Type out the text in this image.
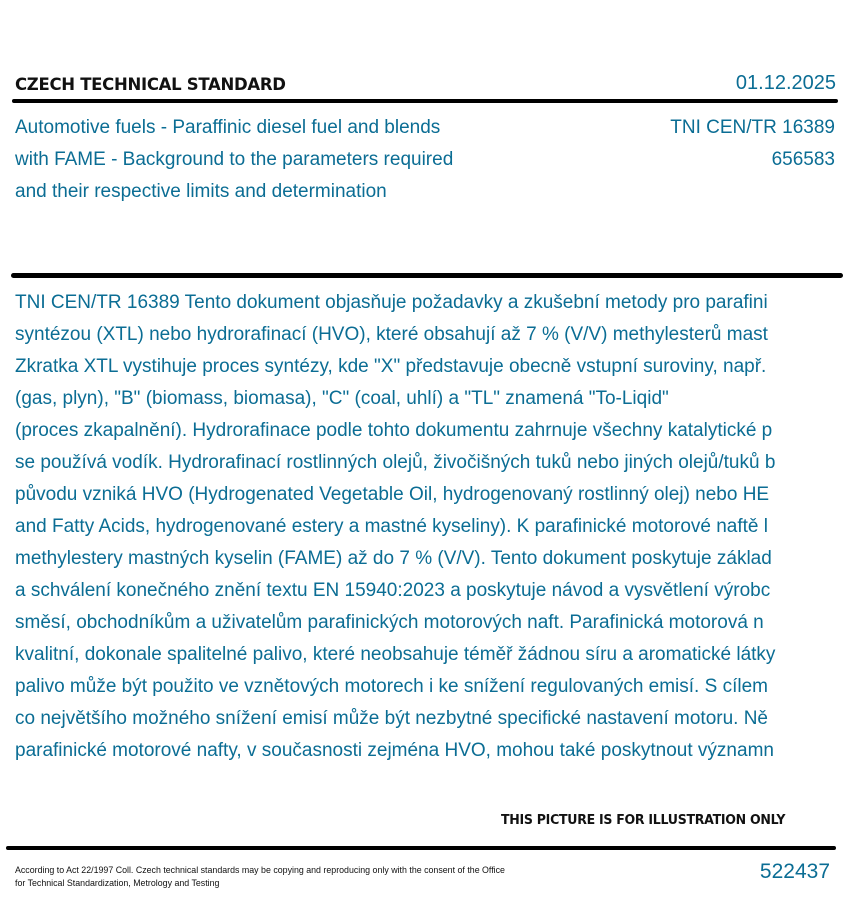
CZECH TECHNICAL STANDARD	01.12.2025
Automotive fuels - Paraffinic diesel fuel and blends
with FAME - Background to the parameters required
and their respective limits and determination
TNI CEN/TR 16389
656583
TNI CEN/TR 16389 Tento dokument objasňuje požadavky a zkušební metody pro parafini
syntézou (XTL) nebo hydrorafinací (HVO), které obsahují až 7 % (V/V) methylesterů mast
Zkratka XTL vystihuje proces syntézy, kde "X" představuje obecně vstupní suroviny, např.
(gas, plyn), "B" (biomass, biomasa), "C" (coal, uhlí) a "TL" znamená "To-Liqid"
(proces zkapalnění). Hydrorafinace podle tohto dokumentu zahrnuje všechny katalytické p
se používá vodík. Hydrorafinací rostlinných olejů, živočišných tuků nebo jiných olejů/tuků b
původu vzniká HVO (Hydrogenated Vegetable Oil, hydrogenovaný rostlinný olej) nebo HE
and Fatty Acids, hydrogenované estery a mastné kyseliny). K parafinické motorové naftě l
methylestery mastných kyselin (FAME) až do 7 % (V/V). Tento dokument poskytuje základ
a schválení konečného znění textu EN 15940:2023 a poskytuje návod a vysvětlení výrobc
směsí, obchodníkům a uživatelům parafinických motorových naft. Parafinická motorová n
kvalitní, dokonale spalitelné palivo, které neobsahuje téměř žádnou síru a aromatické látky
palivo může být použito ve vznětových motorech i ke snížení regulovaných emisí. S cílem
co největšího možného snížení emisí může být nezbytné specifické nastavení motoru. Ně
parafinické motorové nafty, v současnosti zejména HVO, mohou také poskytnout významn
THIS PICTURE IS FOR ILLUSTRATION ONLY
According to Act 22/1997 Coll. Czech technical standards may be copying and reproducing only with the consent of the Office
for Technical Standardization, Metrology and Testing
522437
